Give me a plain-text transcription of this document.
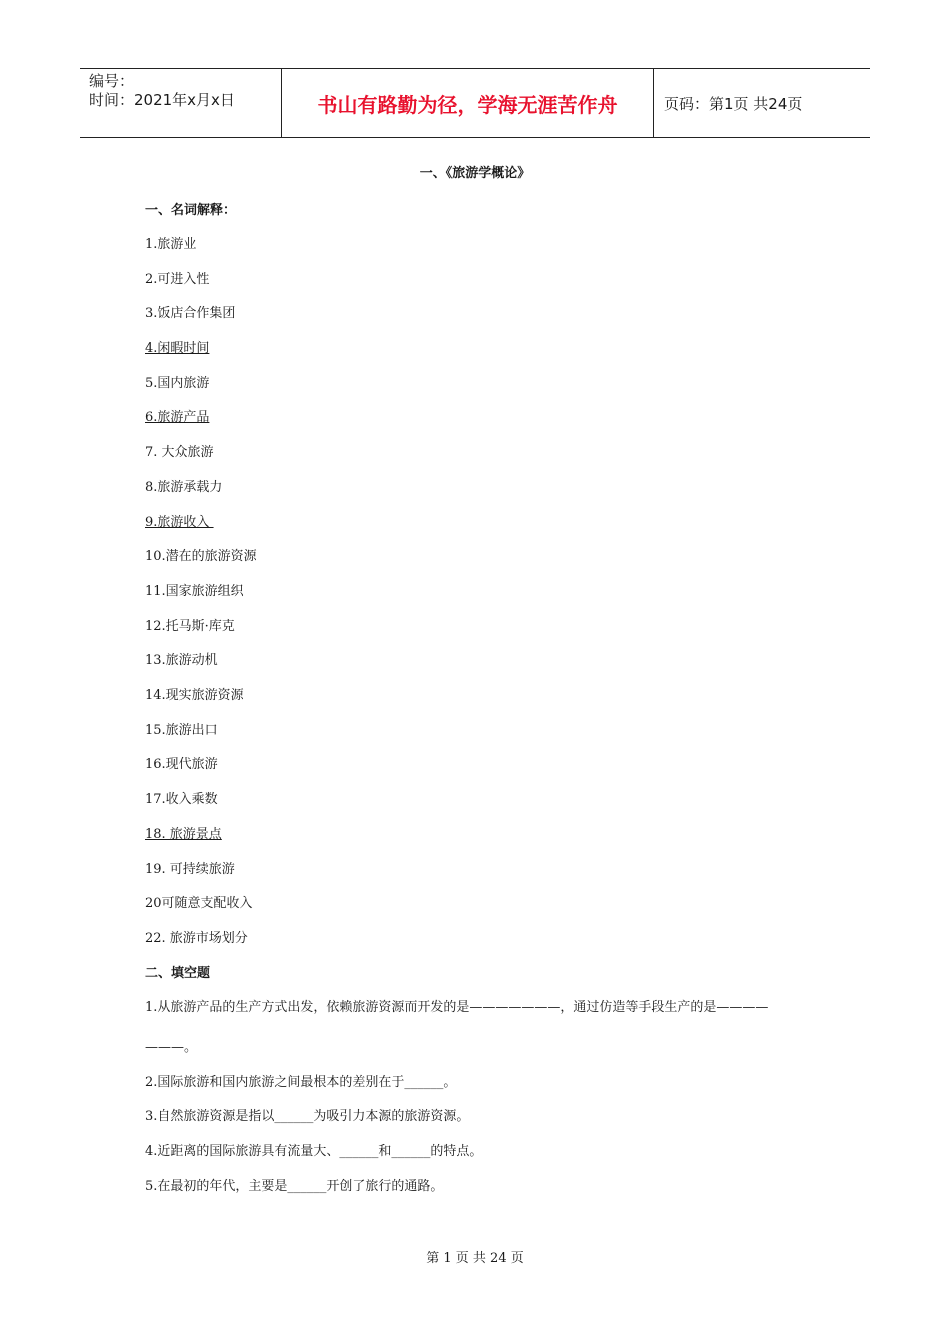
编号：
时间：2021年x月x日	书山有路勤为径，学海无涯苦作舟	页码：第1页 共24页
一、《旅游学概论》
一、名词解释：
1.旅游业
2.可进入性
3.饭店合作集团
4.闲暇时间
5.国内旅游
6.旅游产品
7. 大众旅游
8.旅游承载力
9.旅游收入
10.潜在的旅游资源
11.国家旅游组织
12.托马斯·库克
13.旅游动机
14.现实旅游资源
15.旅游出口
16.现代旅游
17.收入乘数
18. 旅游景点
19. 可持续旅游
20可随意支配收入
22. 旅游市场划分
二、填空题
1.从旅游产品的生产方式出发，依赖旅游资源而开发的是———————，通过仿造等手段生产的是————
———。
2.国际旅游和国内旅游之间最根本的差别在于______。
3.自然旅游资源是指以______为吸引力本源的旅游资源。
4.近距离的国际旅游具有流量大、______和______的特点。
5.在最初的年代，主要是______开创了旅行的通路。
第 1 页 共 24 页
